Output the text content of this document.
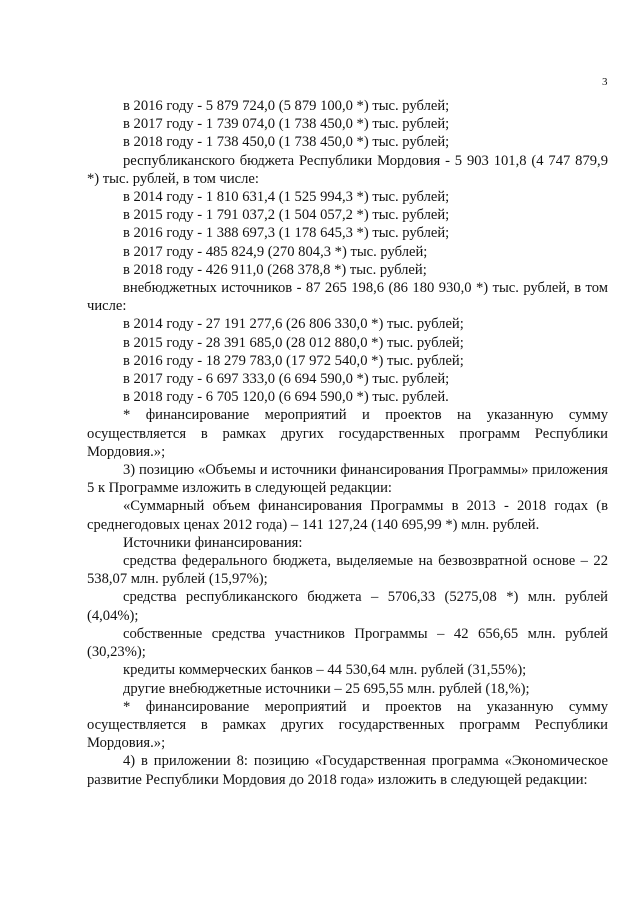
3

в 2016 году - 5 879 724,0 (5 879 100,0 *) тыс. рублей;

в 2017 году - 1 739 074,0 (1 738 450,0 *) тыс. рублей;

в 2018 году - 1 738 450,0 (1 738 450,0 *) тыс. рублей;

республиканского бюджета Республики Мордовия - 5 903 101,8 (4 747 879,9 *) тыс. рублей, в том числе:

в 2014 году - 1 810 631,4 (1 525 994,3 *) тыс. рублей;

в 2015 году - 1 791 037,2 (1 504 057,2 *) тыс. рублей;

в 2016 году - 1 388 697,3 (1 178 645,3 *) тыс. рублей;

в 2017 году - 485 824,9 (270 804,3 *) тыс. рублей;

в 2018 году - 426 911,0 (268 378,8 *) тыс. рублей;

внебюджетных источников - 87 265 198,6 (86 180 930,0 *) тыс. рублей, в том числе:

в 2014 году - 27 191 277,6 (26 806 330,0 *) тыс. рублей;

в 2015 году - 28 391 685,0 (28 012 880,0 *) тыс. рублей;

в 2016 году - 18 279 783,0 (17 972 540,0 *) тыс. рублей;

в 2017 году - 6 697 333,0 (6 694 590,0 *) тыс. рублей;

в 2018 году - 6 705 120,0 (6 694 590,0 *) тыс. рублей.

* финансирование мероприятий и проектов на указанную сумму осуществляется в рамках других государственных программ Республики Мордовия.»;

3) позицию «Объемы и источники финансирования Программы» приложения 5 к Программе изложить в следующей редакции:

«Суммарный объем финансирования Программы в 2013 - 2018 годах (в среднегодовых ценах 2012 года) – 141 127,24 (140 695,99 *) млн. рублей.

Источники финансирования:

средства федерального бюджета, выделяемые на безвозвратной основе – 22 538,07 млн. рублей (15,97%);

средства республиканского бюджета – 5706,33 (5275,08 *) млн. рублей (4,04%);

собственные средства участников Программы – 42 656,65 млн. рублей (30,23%);

кредиты коммерческих банков – 44 530,64 млн. рублей (31,55%);

другие внебюджетные источники – 25 695,55 млн. рублей (18,%);

* финансирование мероприятий и проектов на указанную сумму осуществляется в рамках других государственных программ Республики Мордовия.»;

4) в приложении 8: позицию «Государственная программа «Экономическое развитие Республики Мордовия до 2018 года» изложить в следующей редакции:
